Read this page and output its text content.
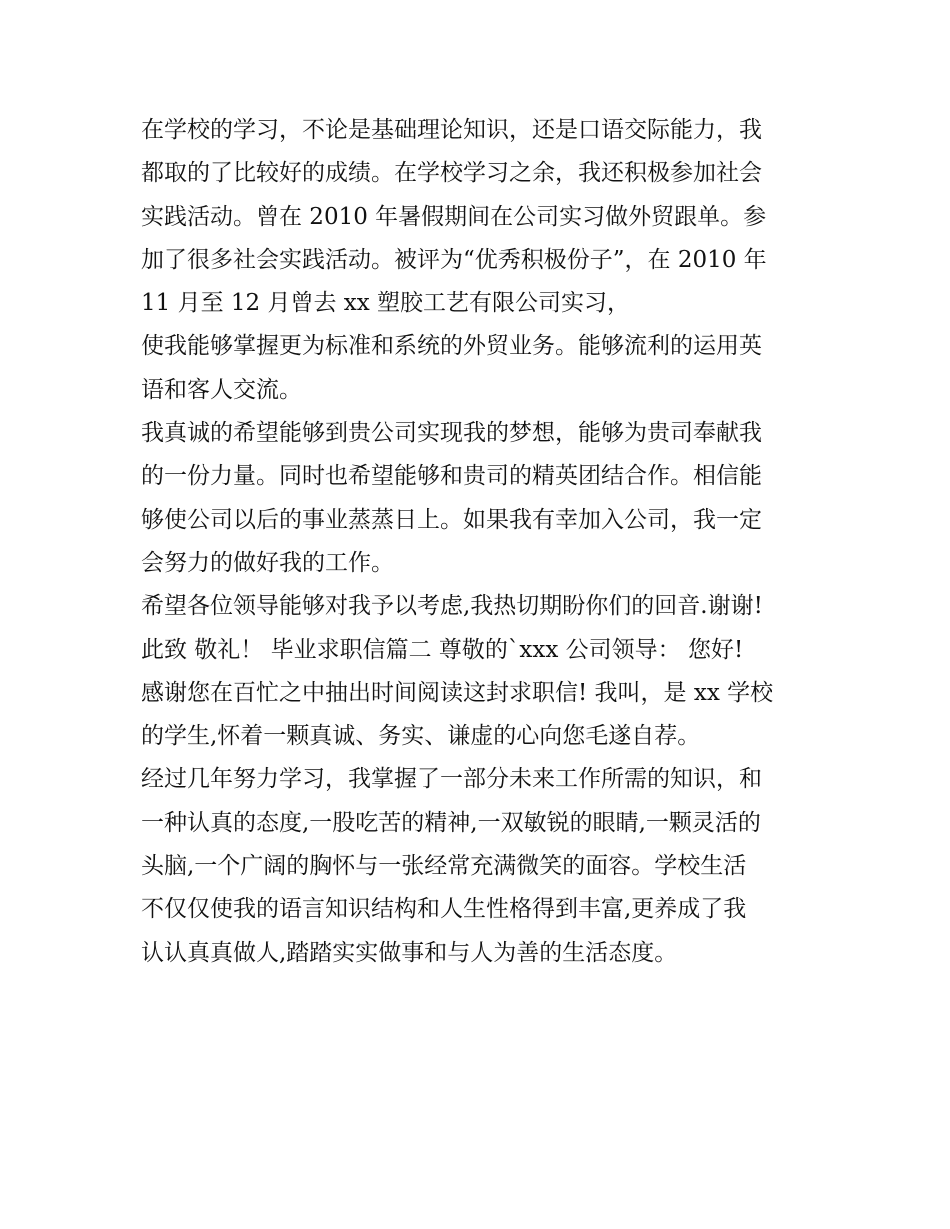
在学校的学习，不论是基础理论知识，还是口语交际能力，我
都取的了比较好的成绩。在学校学习之余，我还积极参加社会
实践活动。曾在 2010 年暑假期间在公司实习做外贸跟单。参
加了很多社会实践活动。被评为“优秀积极份子”，在 2010 年
11 月至 12 月曾去 xx 塑胶工艺有限公司实习，
使我能够掌握更为标准和系统的外贸业务。能够流利的运用英
语和客人交流。
我真诚的希望能够到贵公司实现我的梦想，能够为贵司奉献我
的一份力量。同时也希望能够和贵司的精英团结合作。相信能
够使公司以后的事业蒸蒸日上。如果我有幸加入公司，我一定
会努力的做好我的工作。
希望各位领导能够对我予以考虑,我热切期盼你们的回音.谢谢!
此致 敬礼！ 毕业求职信篇二 尊敬的`xxx 公司领导： 您好!
感谢您在百忙之中抽出时间阅读这封求职信! 我叫，是 xx 学校
的学生,怀着一颗真诚、务实、谦虚的心向您毛遂自荐。
经过几年努力学习，我掌握了一部分未来工作所需的知识，和
一种认真的态度,一股吃苦的精神,一双敏锐的眼睛,一颗灵活的
头脑,一个广阔的胸怀与一张经常充满微笑的面容。学校生活
不仅仅使我的语言知识结构和人生性格得到丰富,更养成了我
认认真真做人,踏踏实实做事和与人为善的生活态度。
